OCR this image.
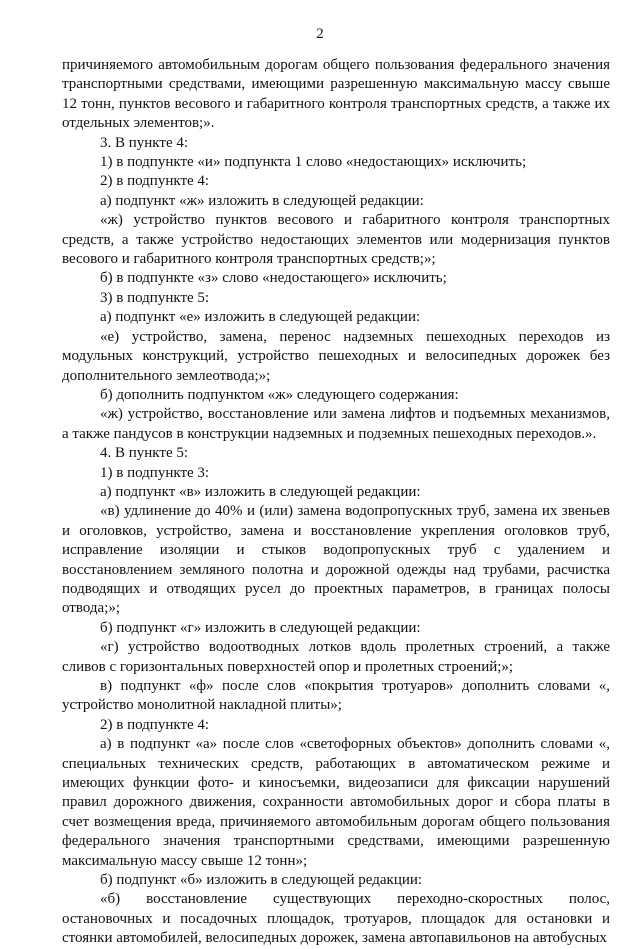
2

причиняемого автомобильным дорогам общего пользования федерального значения транспортными средствами, имеющими разрешенную максимальную массу свыше 12 тонн, пунктов весового и габаритного контроля транспортных средств, а также их отдельных элементов;».

3. В пункте 4:

1) в подпункте «и» подпункта 1 слово «недостающих» исключить;

2) в подпункте 4:

а) подпункт «ж» изложить в следующей редакции:

«ж) устройство пунктов весового и габаритного контроля транспортных средств, а также устройство недостающих элементов или модернизация пунктов весового и габаритного контроля транспортных средств;»;

б) в подпункте «з» слово «недостающего» исключить;

3) в подпункте 5:

а) подпункт «е» изложить в следующей редакции:

«е) устройство, замена, перенос надземных пешеходных переходов из модульных конструкций, устройство пешеходных и велосипедных дорожек без дополнительного землеотвода;»;

б) дополнить подпунктом «ж» следующего содержания:

«ж) устройство, восстановление или замена лифтов и подъемных механизмов, а также пандусов в конструкции надземных и подземных пешеходных переходов.».

4. В пункте 5:

1) в подпункте 3:

а) подпункт «в» изложить в следующей редакции:

«в) удлинение до 40% и (или) замена водопропускных труб, замена их звеньев и оголовков, устройство, замена и восстановление укрепления оголовков труб, исправление изоляции и стыков водопропускных труб с удалением и восстановлением земляного полотна и дорожной одежды над трубами, расчистка подводящих и отводящих русел до проектных параметров, в границах полосы отвода;»;

б) подпункт «г» изложить в следующей редакции:

«г) устройство водоотводных лотков вдоль пролетных строений, а также сливов с горизонтальных поверхностей опор и пролетных строений;»;

в) подпункт «ф» после слов «покрытия тротуаров» дополнить словами «, устройство монолитной накладной плиты»;

2) в подпункте 4:

а) в подпункт «а» после слов «светофорных объектов» дополнить словами «, специальных технических средств, работающих в автоматическом режиме и имеющих функции фото- и киносъемки, видеозаписи для фиксации нарушений правил дорожного движения, сохранности автомобильных дорог и сбора платы в счет возмещения вреда, причиняемого автомобильным дорогам общего пользования федерального значения транспортными средствами, имеющими разрешенную максимальную массу свыше 12 тонн»;

б) подпункт «б» изложить в следующей редакции:

«б) восстановление существующих переходно-скоростных полос, остановочных и посадочных площадок, тротуаров, площадок для остановки и стоянки автомобилей, велосипедных дорожек, замена автопавильонов на автобусных
